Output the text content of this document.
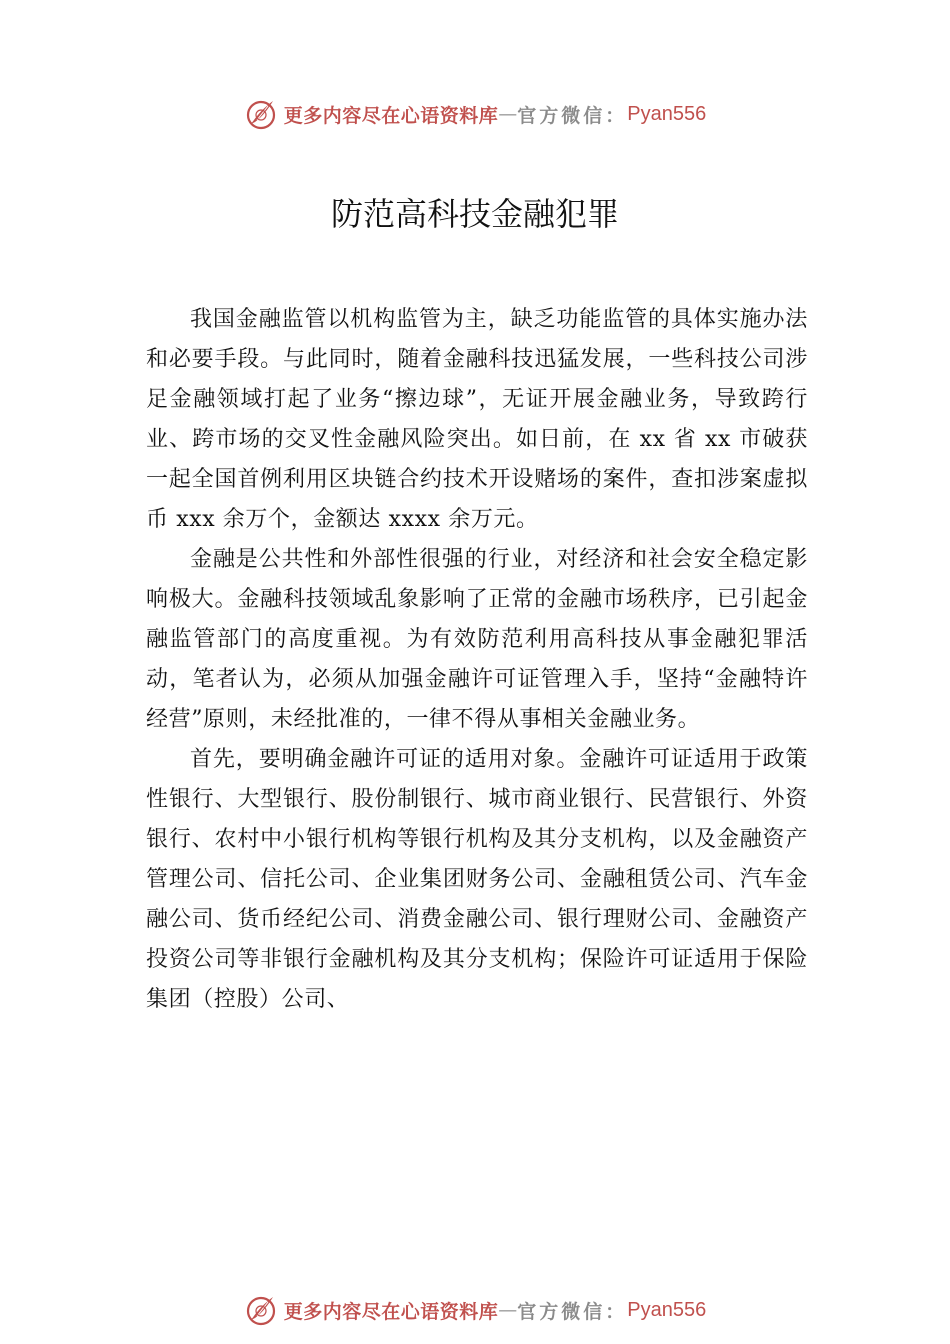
更多内容尽在心语资料库 — 官方微信： Pyan556
防范高科技金融犯罪

我国金融监管以机构监管为主，缺乏功能监管的具体实施办法和必要手段。与此同时，随着金融科技迅猛发展，一些科技公司涉足金融领域打起了业务“擦边球”，无证开展金融业务，导致跨行业、跨市场的交叉性金融风险突出。如日前，在 xx 省 xx 市破获一起全国首例利用区块链合约技术开设赌场的案件，查扣涉案虚拟币 xxx 余万个，金额达 xxxx 余万元。

金融是公共性和外部性很强的行业，对经济和社会安全稳定影响极大。金融科技领域乱象影响了正常的金融市场秩序，已引起金融监管部门的高度重视。为有效防范利用高科技从事金融犯罪活动，笔者认为，必须从加强金融许可证管理入手，坚持“金融特许经营”原则，未经批准的，一律不得从事相关金融业务。

首先，要明确金融许可证的适用对象。金融许可证适用于政策性银行、大型银行、股份制银行、城市商业银行、民营银行、外资银行、农村中小银行机构等银行机构及其分支机构，以及金融资产管理公司、信托公司、企业集团财务公司、金融租赁公司、汽车金融公司、货币经纪公司、消费金融公司、银行理财公司、金融资产投资公司等非银行金融机构及其分支机构；保险许可证适用于保险集团（控股）公司、

更多内容尽在心语资料库 — 官方微信： Pyan556
